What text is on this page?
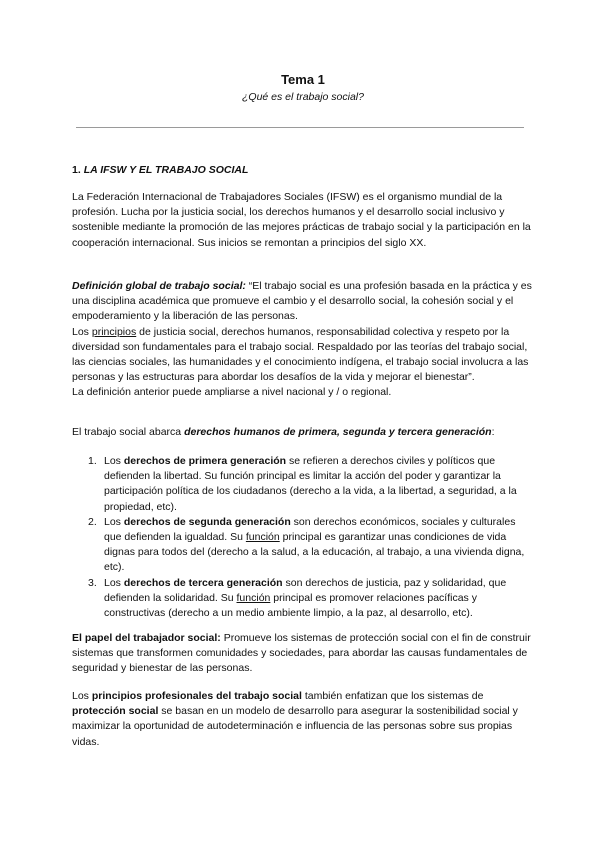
Tema 1
¿Qué es el trabajo social?
1. LA IFSW Y EL TRABAJO SOCIAL

La Federación Internacional de Trabajadores Sociales (IFSW) es el organismo mundial de la profesión. Lucha por la justicia social, los derechos humanos y el desarrollo social inclusivo y sostenible mediante la promoción de las mejores prácticas de trabajo social y la participación en la cooperación internacional. Sus inicios se remontan a principios del siglo XX.

Definición global de trabajo social: “El trabajo social es una profesión basada en la práctica y es una disciplina académica que promueve el cambio y el desarrollo social, la cohesión social y el empoderamiento y la liberación de las personas.

Los principios de justicia social, derechos humanos, responsabilidad colectiva y respeto por la diversidad son fundamentales para el trabajo social. Respaldado por las teorías del trabajo social, las ciencias sociales, las humanidades y el conocimiento indígena, el trabajo social involucra a las personas y las estructuras para abordar los desafíos de la vida y mejorar el bienestar”.

La definición anterior puede ampliarse a nivel nacional y / o regional.

El trabajo social abarca derechos humanos de primera, segunda y tercera generación:

1. Los derechos de primera generación se refieren a derechos civiles y políticos que defienden la libertad. Su función principal es limitar la acción del poder y garantizar la participación política de los ciudadanos (derecho a la vida, a la libertad, a seguridad, a la propiedad, etc).
2. Los derechos de segunda generación son derechos económicos, sociales y culturales que defienden la igualdad. Su función principal es garantizar unas condiciones de vida dignas para todos del (derecho a la salud, a la educación, al trabajo, a una vivienda digna, etc).
3. Los derechos de tercera generación son derechos de justicia, paz y solidaridad, que defienden la solidaridad. Su función principal es promover relaciones pacíficas y constructivas (derecho a un medio ambiente limpio, a la paz, al desarrollo, etc).

El papel del trabajador social: Promueve los sistemas de protección social con el fin de construir sistemas que transformen comunidades y sociedades, para abordar las causas fundamentales de seguridad y bienestar de las personas.

Los principios profesionales del trabajo social también enfatizan que los sistemas de protección social se basan en un modelo de desarrollo para asegurar la sostenibilidad social y maximizar la oportunidad de autodeterminación e influencia de las personas sobre sus propias vidas.
